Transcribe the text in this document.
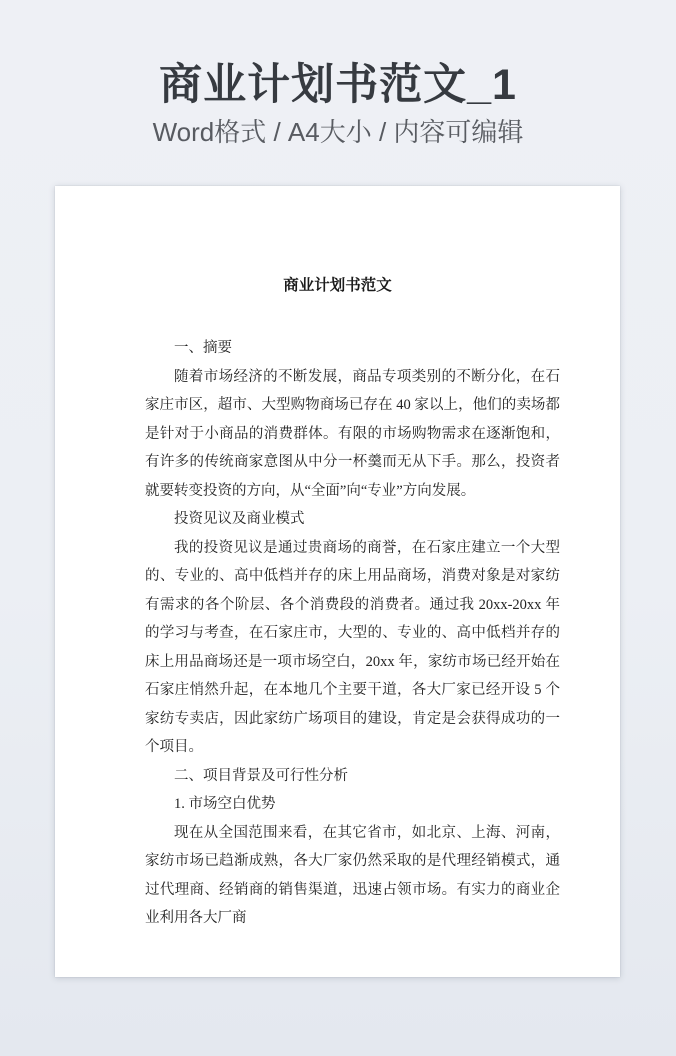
商业计划书范文_1

Word格式 / A4大小 / 内容可编辑

商业计划书范文

一、摘要

随着市场经济的不断发展，商品专项类别的不断分化，在石家庄市区，超市、大型购物商场已存在 40 家以上，他们的卖场都是针对于小商品的消费群体。有限的市场购物需求在逐渐饱和，有许多的传统商家意图从中分一杯羹而无从下手。那么，投资者就要转变投资的方向，从“全面”向“专业”方向发展。

投资见议及商业模式

我的投资见议是通过贵商场的商誉，在石家庄建立一个大型的、专业的、高中低档并存的床上用品商场，消费对象是对家纺有需求的各个阶层、各个消费段的消费者。通过我 20xx-20xx 年的学习与考查，在石家庄市，大型的、专业的、高中低档并存的床上用品商场还是一项市场空白，20xx 年，家纺市场已经开始在石家庄悄然升起，在本地几个主要干道，各大厂家已经开设 5 个家纺专卖店，因此家纺广场项目的建设，肯定是会获得成功的一个项目。

二、项目背景及可行性分析

1. 市场空白优势

现在从全国范围来看，在其它省市，如北京、上海、河南，家纺市场已趋渐成熟，各大厂家仍然采取的是代理经销模式，通过代理商、经销商的销售渠道，迅速占领市场。有实力的商业企业利用各大厂商
